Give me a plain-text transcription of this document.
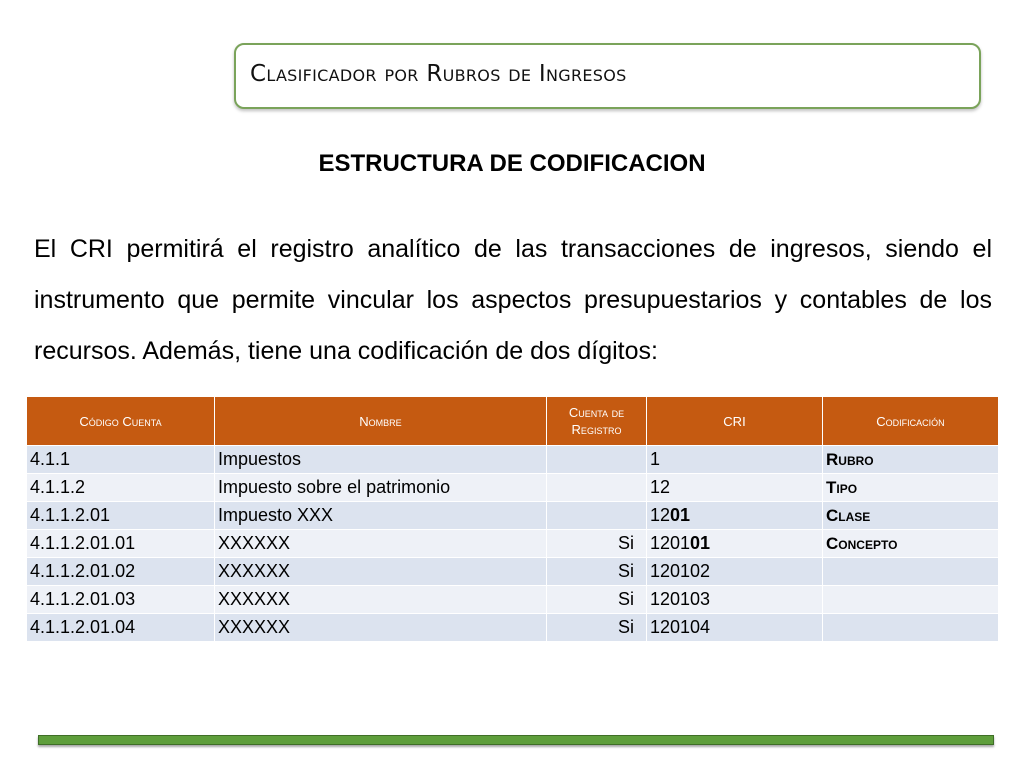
Clasificador por Rubros de Ingresos
ESTRUCTURA DE CODIFICACION
El CRI permitirá el registro analítico de las transacciones de ingresos, siendo el instrumento que permite vincular los aspectos presupuestarios y contables de los recursos. Además, tiene una codificación de dos dígitos:
Código Cuenta	Nombre	Cuenta de Registro	CRI	Codificación
4.1.1	Impuestos		1	Rubro
4.1.1.2	Impuesto sobre el patrimonio		12	Tipo
4.1.1.2.01	Impuesto XXX		1201	Clase
4.1.1.2.01.01	XXXXXX	Si	120101	Concepto
4.1.1.2.01.02	XXXXXX	Si	120102	
4.1.1.2.01.03	XXXXXX	Si	120103	
4.1.1.2.01.04	XXXXXX	Si	120104	
